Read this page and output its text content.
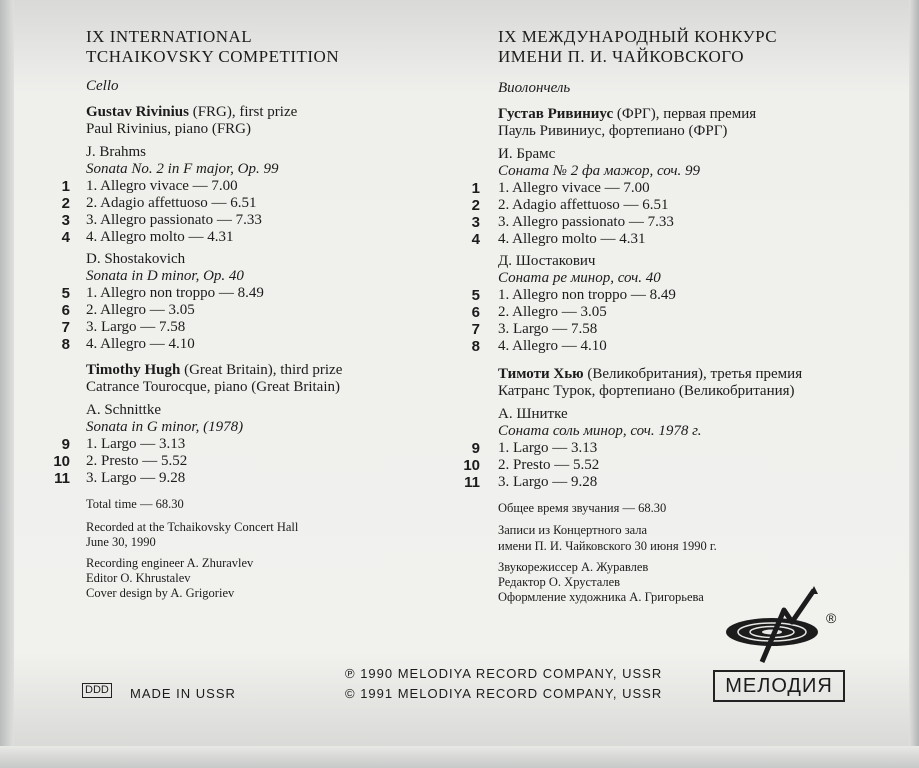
IX INTERNATIONAL
TCHAIKOVSKY COMPETITION
Cello
Gustav Rivinius (FRG), first prize
Paul Rivinius, piano (FRG)
J. Brahms
Sonata No. 2 in F major, Op. 99
1. Allegro vivace — 7.00
2. Adagio affettuoso — 6.51
3. Allegro passionato — 7.33
4. Allegro molto — 4.31
D. Shostakovich
Sonata in D minor, Op. 40
1. Allegro non troppo — 8.49
2. Allegro — 3.05
3. Largo — 7.58
4. Allegro — 4.10
Timothy Hugh (Great Britain), third prize
Catrance Tourocque, piano (Great Britain)
A. Schnittke
Sonata in G minor, (1978)
1. Largo — 3.13
2. Presto — 5.52
3. Largo — 9.28
Total time — 68.30
Recorded at the Tchaikovsky Concert Hall
June 30, 1990
Recording engineer A. Zhuravlev
Editor O. Khrustalev
Cover design by A. Grigoriev
1
2
3
4
5
6
7
8
9
10
11
IX МЕЖДУНАРОДНЫЙ КОНКУРС
ИМЕНИ П. И. ЧАЙКОВСКОГО
Виолончель
Густав Ривиниус (ФРГ), первая премия
Пауль Ривиниус, фортепиано (ФРГ)
И. Брамс
Соната № 2 фа мажор, соч. 99
1. Allegro vivace — 7.00
2. Adagio affettuoso — 6.51
3. Allegro passionato — 7.33
4. Allegro molto — 4.31
Д. Шостакович
Соната ре минор, соч. 40
1. Allegro non troppo — 8.49
2. Allegro — 3.05
3. Largo — 7.58
4. Allegro — 4.10
Тимоти Хью (Великобритания), третья премия
Катранс Турок, фортепиано (Великобритания)
А. Шнитке
Соната соль минор, соч. 1978 г.
1. Largo — 3.13
2. Presto — 5.52
3. Largo — 9.28
Общее время звучания — 68.30
Записи из Концертного зала
имени П. И. Чайковского 30 июня 1990 г.
Звукорежиссер А. Журавлев
Редактор О. Хрусталев
Оформление художника А. Григорьева
1
2
3
4
5
6
7
8
9
10
11
®
МЕЛОДИЯ
DDD MADE IN USSR
℗ 1990 MELODIYA RECORD COMPANY, USSR
© 1991 MELODIYA RECORD COMPANY, USSR
